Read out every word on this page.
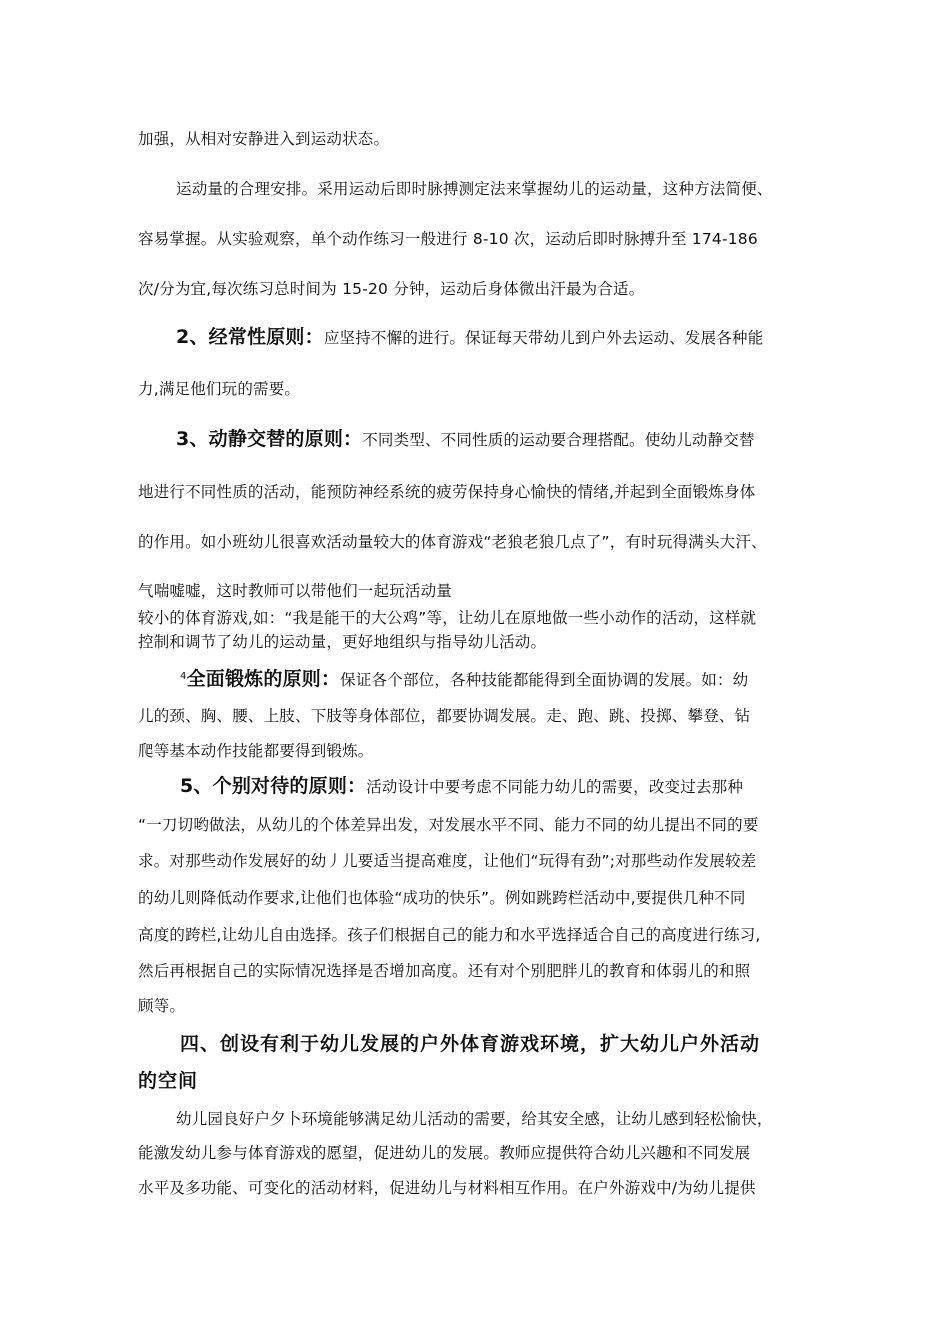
加强，从相对安静进入到运动状态。
运动量的合理安排。采用运动后即时脉搏测定法来掌握幼儿的运动量，这种方法简便、
容易掌握。从实验观察，单个动作练习一般进行 8-10 次，运动后即时脉搏升至 174-186
次/分为宜,每次练习总时间为 15-20 分钟，运动后身体微出汗最为合适。
2、经常性原则：应坚持不懈的进行。保证每天带幼儿到户外去运动、发展各种能
力,满足他们玩的需要。
3、动静交替的原则：不同类型、不同性质的运动要合理搭配。使幼儿动静交替
地进行不同性质的活动，能预防神经系统的疲劳保持身心愉快的情绪,并起到全面锻炼身体
的作用。如小班幼儿很喜欢活动量较大的体育游戏“老狼老狼几点了”，有时玩得满头大汗、
气喘嘘嘘，这时教师可以带他们一起玩活动量
较小的体育游戏,如：“我是能干的大公鸡”等，让幼儿在原地做一些小动作的活动，这样就
控制和调节了幼儿的运动量，更好地组织与指导幼儿活动。
$^4$全面锻炼的原则：保证各个部位，各种技能都能得到全面协调的发展。如：幼
儿的颈、胸、腰、上肢、下肢等身体部位，都要协调发展。走、跑、跳、投掷、攀登、钻
爬等基本动作技能都要得到锻炼。
5、个别对待的原则：活动设计中要考虑不同能力幼儿的需要，改变过去那种
“一刀切哟做法，从幼儿的个体差异出发，对发展水平不同、能力不同的幼儿提出不同的要
求。对那些动作发展好的幼丿儿要适当提高难度，让他们“玩得有劲”;对那些动作发展较差
的幼儿则降低动作要求,让他们也体验“成功的快乐”。例如跳跨栏活动中,要提供几种不同
高度的跨栏,让幼儿自由选择。孩子们根据自己的能力和水平选择适合自己的高度进行练习,
然后再根据自己的实际情况选择是否增加高度。还有对个别肥胖儿的教育和体弱儿的和照
顾等。
四、创设有利于幼儿发展的户外体育游戏环境，扩大幼儿户外活动
的空间
幼儿园良好户夕卜环境能够满足幼儿活动的需要，给其安全感，让幼儿感到轻松愉快，
能激发幼儿参与体育游戏的愿望，促进幼儿的发展。教师应提供符合幼儿兴趣和不同发展
水平及多功能、可变化的活动材料，促进幼儿与材料相互作用。在户外游戏中/为幼儿提供
